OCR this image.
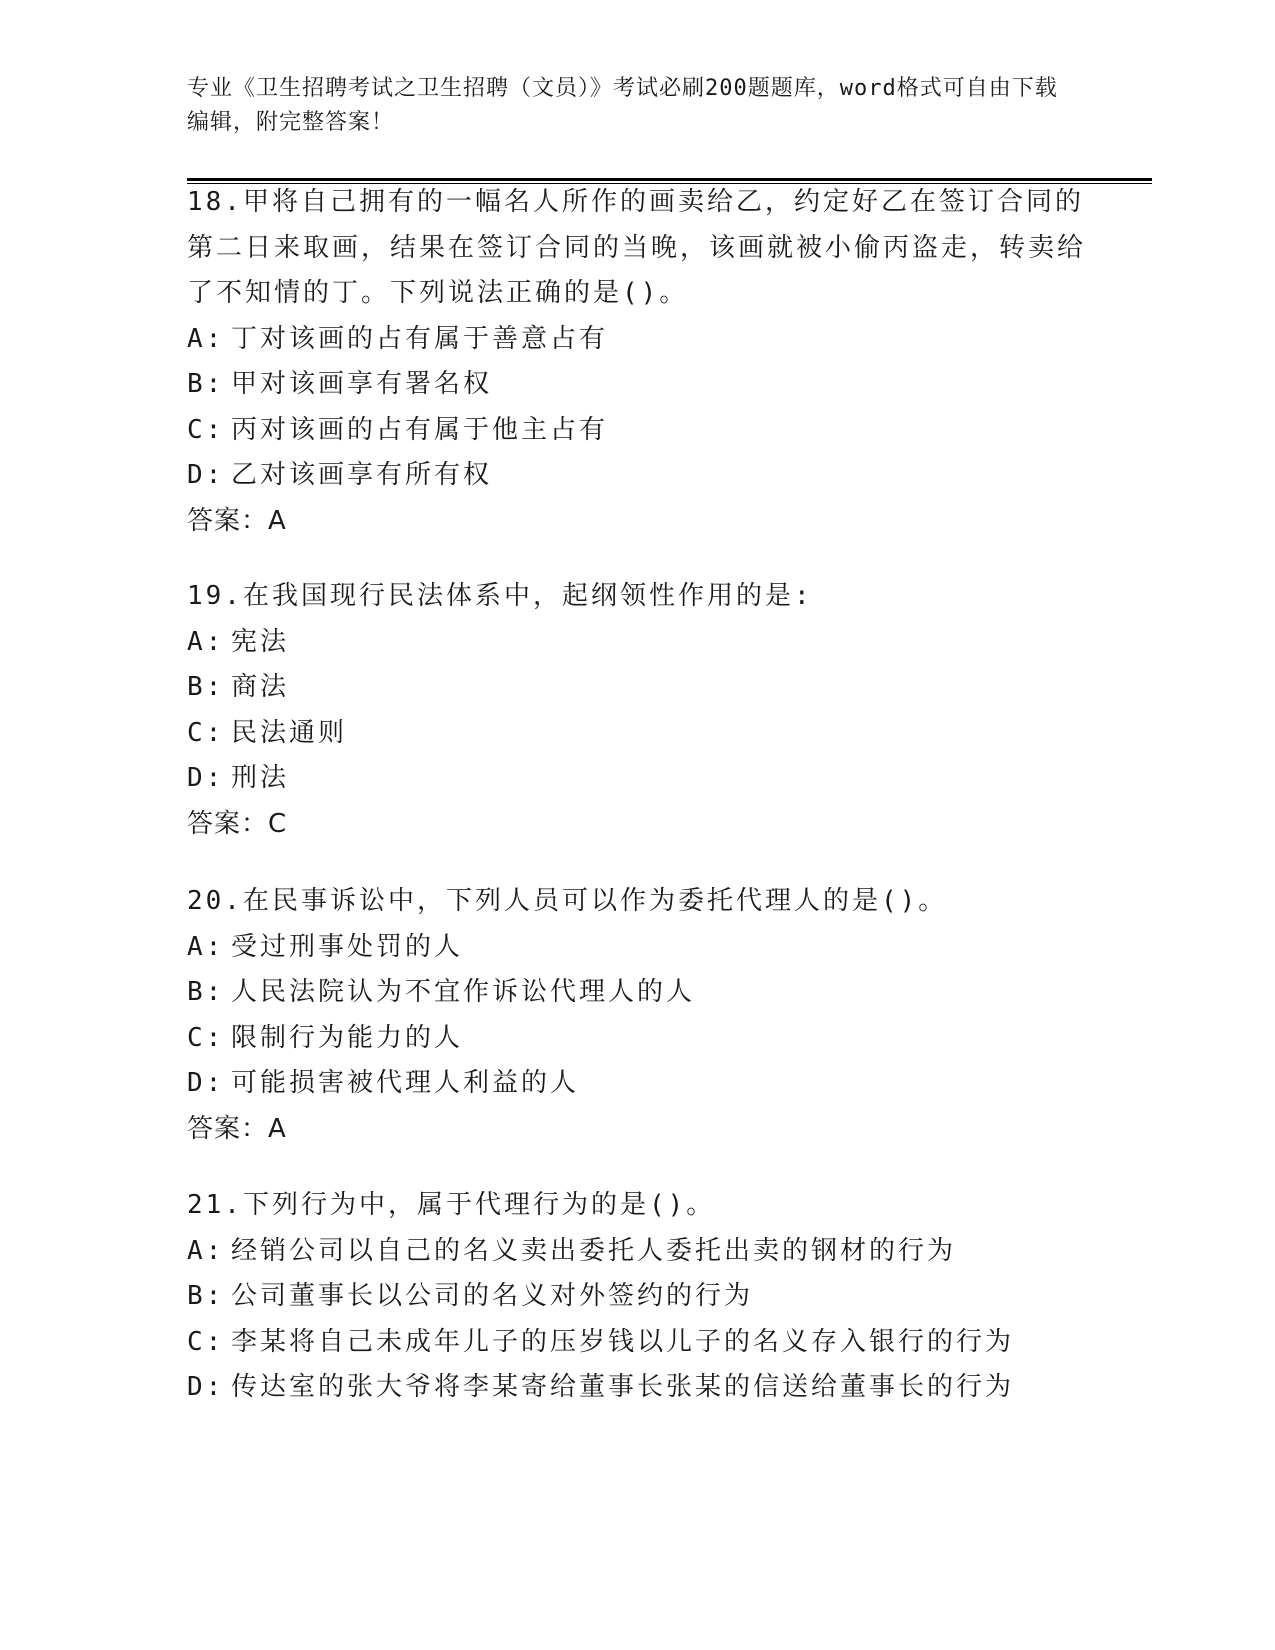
专业《卫生招聘考试之卫生招聘（文员）》考试必刷200题题库，word格式可自由下载编辑，附完整答案！

18.甲将自己拥有的一幅名人所作的画卖给乙，约定好乙在签订合同的第二日来取画，结果在签订合同的当晚，该画就被小偷丙盗走，转卖给了不知情的丁。下列说法正确的是()。

A: 丁对该画的占有属于善意占有
B: 甲对该画享有署名权
C: 丙对该画的占有属于他主占有
D: 乙对该画享有所有权
答案：A

19.在我国现行民法体系中，起纲领性作用的是:

A: 宪法
B: 商法
C: 民法通则
D: 刑法
答案：C

20.在民事诉讼中，下列人员可以作为委托代理人的是()。

A: 受过刑事处罚的人
B: 人民法院认为不宜作诉讼代理人的人
C: 限制行为能力的人
D: 可能损害被代理人利益的人
答案：A

21.下列行为中，属于代理行为的是()。

A: 经销公司以自己的名义卖出委托人委托出卖的钢材的行为
B: 公司董事长以公司的名义对外签约的行为
C: 李某将自己未成年儿子的压岁钱以儿子的名义存入银行的行为
D: 传达室的张大爷将李某寄给董事长张某的信送给董事长的行为
